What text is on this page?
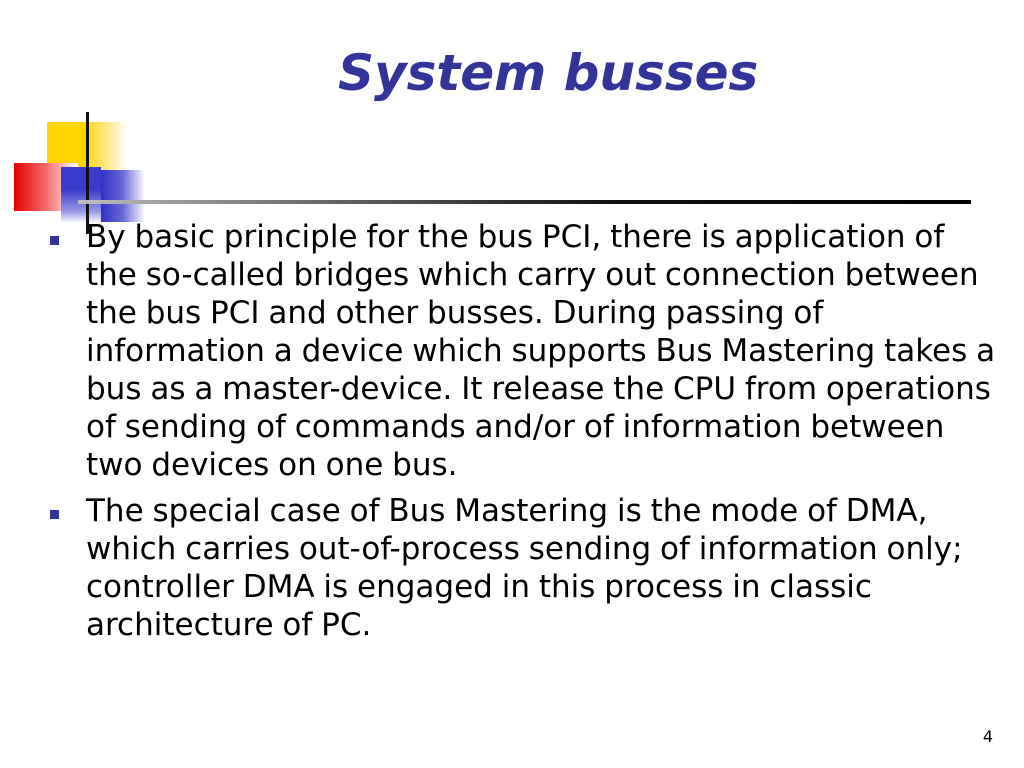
System busses
By basic principle for the bus PCI, there is application of the so-called bridges which carry out connection between the bus PCI and other busses. During passing of information a device which supports Bus Mastering takes a bus as a master-device. It release the CPU from operations of sending of commands and/or of information between two devices on one bus.
The special case of Bus Mastering is the mode of DMA, which carries out-of-process sending of information only; controller DMA is engaged in this process in classic architecture of PC.
4
